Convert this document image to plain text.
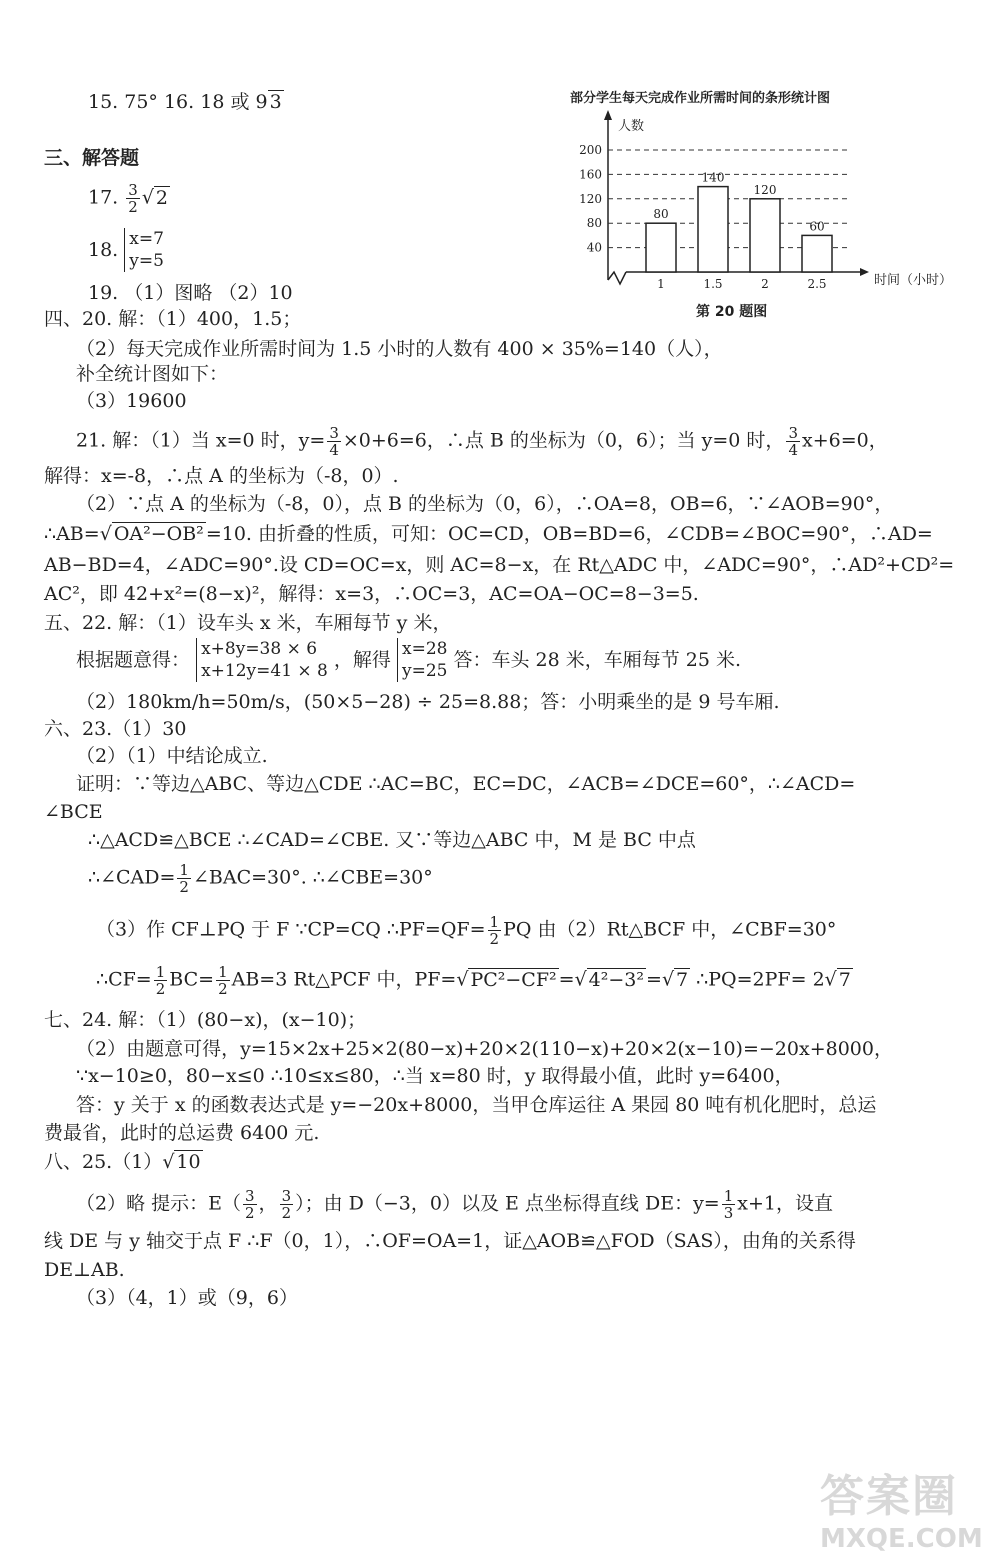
15. 75° 16. 18 或 9 3
三、解答题
17. $\frac{3}{2}$ √ 2
18. x=7
y=5
19. （1）图略 （2）10
四、20. 解：（1）400，1.5；
（2）每天完成作业所需时间为 1.5 小时的人数有 400 × 35%=140（人），
补全统计图如下：
（3）19600
21. 解：（1）当 x=0 时，$y= \frac{3}{4} \times 0+6=6$，∴点 B 的坐标为（0，6）；当 y=0 时， $\frac{3}{4} x+6=0$，
解得：x=-8，∴点 A 的坐标为（-8，0）.
（2）∵点 A 的坐标为（-8，0），点 B 的坐标为（0，6），∴OA=8，OB=6，∵∠AOB=90°，
∴AB=√ OA²−OB² =10. 由折叠的性质，可知：OC=CD，OB=BD=6，∠CDB=∠BOC=90°，∴AD=
AB−BD=4，∠ADC=90°.设 CD=OC=x，则 AC=8−x，在 Rt△ADC 中，∠ADC=90°，∴AD²+CD²=
AC²，即 42+x²=(8−x)²，解得：x=3，∴OC=3，AC=OA−OC=8−3=5.
五、22. 解：（1）设车头 x 米，车厢每节 y 米，
根据题意得： x+8y=38 × 6
x+12y=41 × 8 ，解得 x=28
y=25 答：车头 28 米，车厢每节 25 米.
（2）180km/h=50m/s，(50×5−28) ÷ 25=8.88；答：小明乘坐的是 9 号车厢.
六、23.（1）30
（2）（1）中结论成立.
证明：∵等边△ABC、等边△CDE ∴AC=BC，EC=DC，∠ACB=∠DCE=60°，∴∠ACD=
∠BCE
∴△ACD≌△BCE ∴∠CAD=∠CBE. 又∵等边△ABC 中，M 是 BC 中点
∴∠CAD= $\frac{1}{2}$ ∠BAC=30°. ∴∠CBE=30°
（3）作 CF⊥PQ 于 F ∵CP=CQ ∴PF=QF= $\frac{1}{2}$ PQ 由（2）Rt△BCF 中，∠CBF=30°
∴CF= $\frac{1}{2} BC= \frac{1}{2} AB=3$ Rt△PCF 中，PF=√ PC²−CF² =√ 4²−3² =√ 7 ∴PQ=2PF= 2√ 7
七、24. 解：（1）(80−x)，(x−10)；
（2）由题意可得，y=15×2x+25×2(80−x)+20×2(110−x)+20×2(x−10)=−20x+8000，
∵x−10≥0，80−x≤0 ∴10≤x≤80，∴当 x=80 时，y 取得最小值，此时 y=6400，
答：y 关于 x 的函数表达式是 y=−20x+8000，当甲仓库运往 A 果园 80 吨有机化肥时，总运
费最省，此时的总运费 6400 元.
八、25.（1）√ 10
（2）略 提示：$E( \frac{3}{2}$ ， $\frac{3}{2}$ ）；由 D（−3，0）以及 E 点坐标得直线 DE：$y= \frac{1}{3} x+1$，设直
线 DE 与 y 轴交于点 F ∴F（0，1），∴OF=OA=1，证△AOB≌△FOD（SAS），由角的关系得
DE⊥AB.
（3）（4，1）或（9，6）
部分学生每天完成作业所需时间的条形统计图
人数
时间（小时）
第 20 题图
40
80
120
160
200
80
1
140
1.5
120
2
60
2.5
答案圈
MXQE.COM
